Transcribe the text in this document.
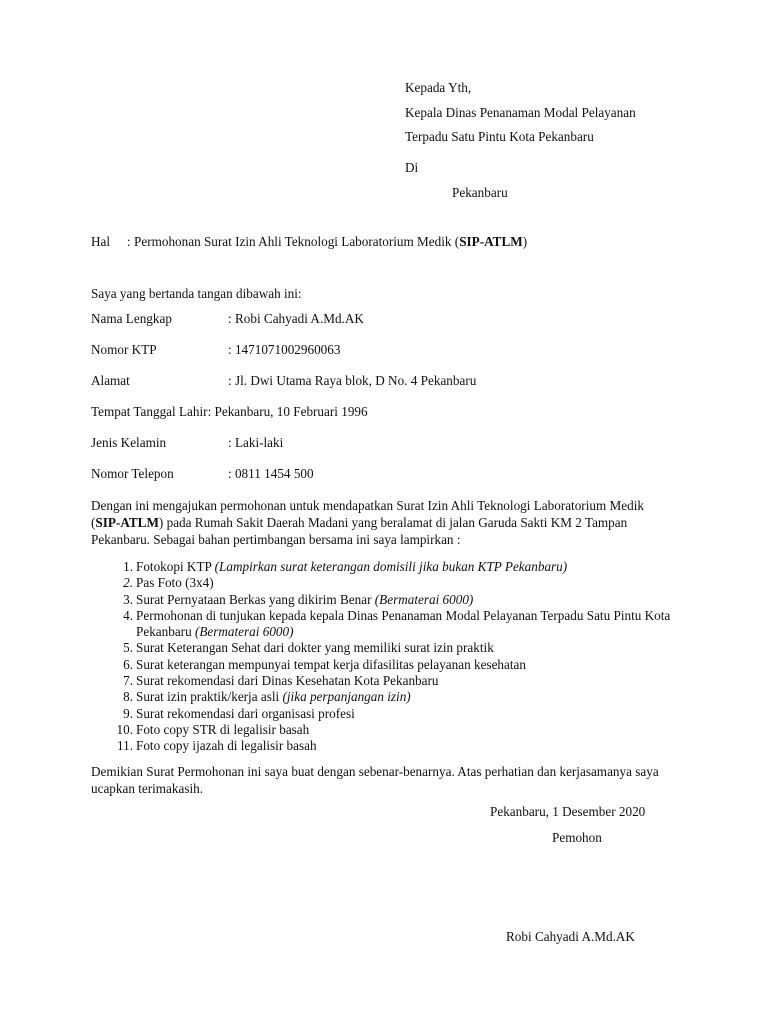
Kepada Yth,
Kepala Dinas Penanaman Modal Pelayanan
Terpadu Satu Pintu Kota Pekanbaru
Di
Pekanbaru
Hal : Permohonan Surat Izin Ahli Teknologi Laboratorium Medik (SIP-ATLM)
Saya yang bertanda tangan dibawah ini:
Nama Lengkap	: Robi Cahyadi A.Md.AK
Nomor KTP	: 1471071002960063
Alamat	: Jl. Dwi Utama Raya blok, D No. 4 Pekanbaru
Tempat Tanggal Lahir: Pekanbaru, 10 Februari 1996
Jenis Kelamin	: Laki-laki
Nomor Telepon	: 0811 1454 500
Dengan ini mengajukan permohonan untuk mendapatkan Surat Izin Ahli Teknologi Laboratorium Medik (SIP-ATLM) pada Rumah Sakit Daerah Madani yang beralamat di jalan Garuda Sakti KM 2 Tampan Pekanbaru. Sebagai bahan pertimbangan bersama ini saya lampirkan :
1. Fotokopi KTP (Lampirkan surat keterangan domisili jika bukan KTP Pekanbaru)
2. Pas Foto (3x4)
3. Surat Pernyataan Berkas yang dikirim Benar (Bermaterai 6000)
4. Permohonan di tunjukan kepada kepala Dinas Penanaman Modal Pelayanan Terpadu Satu Pintu Kota Pekanbaru (Bermaterai 6000)
5. Surat Keterangan Sehat dari dokter yang memiliki surat izin praktik
6. Surat keterangan mempunyai tempat kerja difasilitas pelayanan kesehatan
7. Surat rekomendasi dari Dinas Kesehatan Kota Pekanbaru
8. Surat izin praktik/kerja asli (jika perpanjangan izin)
9. Surat rekomendasi dari organisasi profesi
10. Foto copy STR di legalisir basah
11. Foto copy ijazah di legalisir basah
Demikian Surat Permohonan ini saya buat dengan sebenar-benarnya. Atas perhatian dan kerjasamanya saya ucapkan terimakasih.
Pekanbaru, 1 Desember 2020
Pemohon
Robi Cahyadi A.Md.AK
